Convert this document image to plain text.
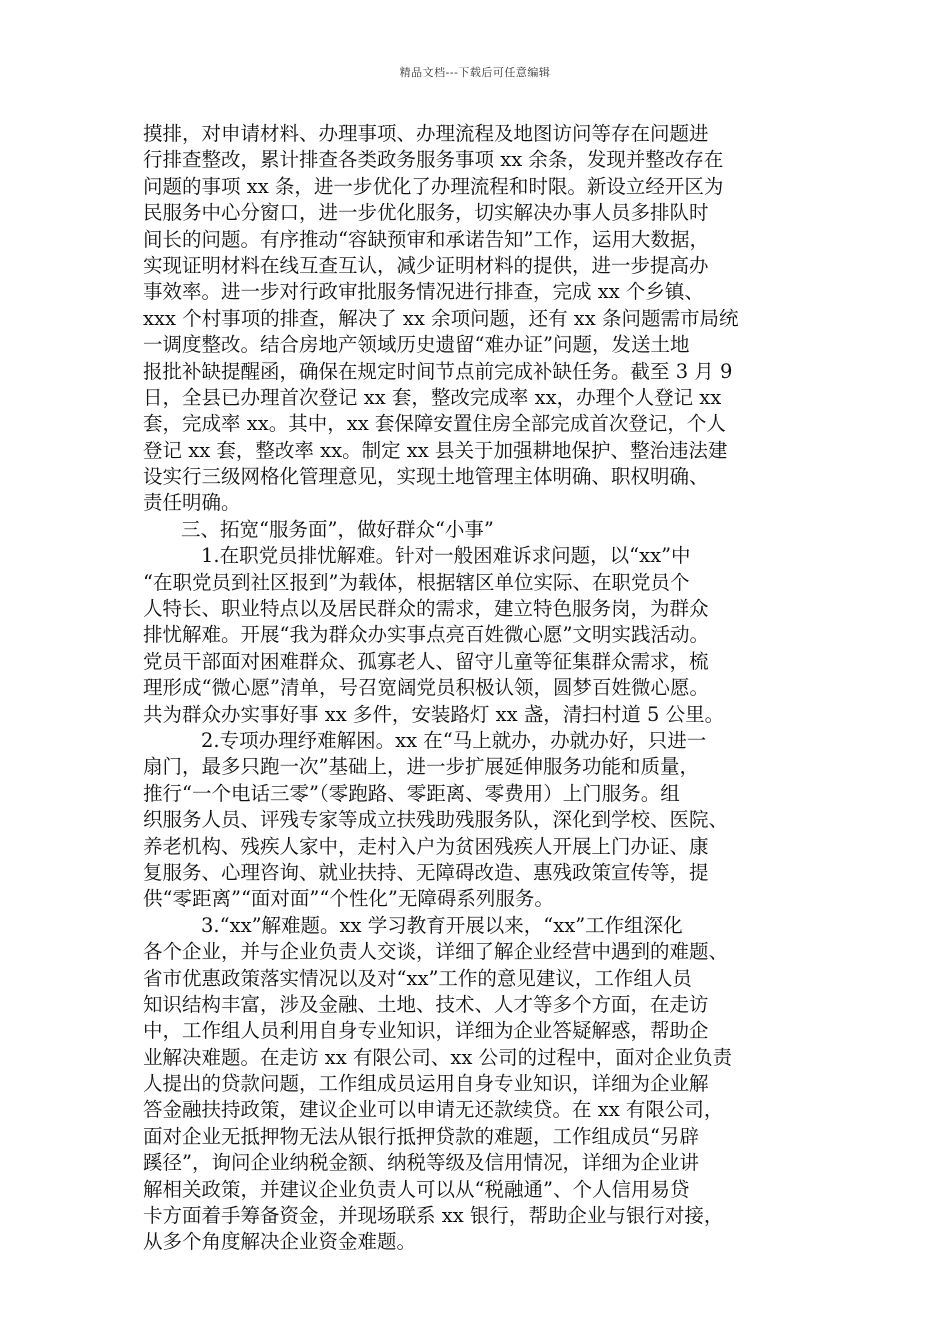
精品文档---下载后可任意编辑
摸排，对申请材料、办理事项、办理流程及地图访问等存在问题进
行排查整改，累计排查各类政务服务事项 xx 余条，发现并整改存在
问题的事项 xx 条，进一步优化了办理流程和时限。新设立经开区为
民服务中心分窗口，进一步优化服务，切实解决办事人员多排队时
间长的问题。有序推动“容缺预审和承诺告知”工作，运用大数据，
实现证明材料在线互查互认，减少证明材料的提供，进一步提高办
事效率。进一步对行政审批服务情况进行排查，完成 xx 个乡镇、
xxx 个村事项的排查，解决了 xx 余项问题，还有 xx 条问题需市局统
一调度整改。结合房地产领域历史遗留“难办证”问题，发送土地
报批补缺提醒函，确保在规定时间节点前完成补缺任务。截至 3 月 9
日，全县已办理首次登记 xx 套，整改完成率 xx，办理个人登记 xx
套，完成率 xx。其中，xx 套保障安置住房全部完成首次登记，个人
登记 xx 套，整改率 xx。制定 xx 县关于加强耕地保护、整治违法建
设实行三级网格化管理意见，实现土地管理主体明确、职权明确、
责任明确。
三、拓宽“服务面”，做好群众“小事”
1.在职党员排忧解难。针对一般困难诉求问题，以“xx”中
“在职党员到社区报到”为载体，根据辖区单位实际、在职党员个
人特长、职业特点以及居民群众的需求，建立特色服务岗，为群众
排忧解难。开展“我为群众办实事点亮百姓微心愿”文明实践活动。
党员干部面对困难群众、孤寡老人、留守儿童等征集群众需求，梳
理形成“微心愿”清单，号召宽阔党员积极认领，圆梦百姓微心愿。
共为群众办实事好事 xx 多件，安装路灯 xx 盏，清扫村道 5 公里。
2.专项办理纾难解困。xx 在“马上就办，办就办好，只进一
扇门，最多只跑一次”基础上，进一步扩展延伸服务功能和质量，
推行“一个电话三零”（零跑路、零距离、零费用）上门服务。组
织服务人员、评残专家等成立扶残助残服务队，深化到学校、医院、
养老机构、残疾人家中，走村入户为贫困残疾人开展上门办证、康
复服务、心理咨询、就业扶持、无障碍改造、惠残政策宣传等，提
供“零距离”“面对面”“个性化”无障碍系列服务。
3.“xx”解难题。xx 学习教育开展以来，“xx”工作组深化
各个企业，并与企业负责人交谈，详细了解企业经营中遇到的难题、
省市优惠政策落实情况以及对“xx”工作的意见建议，工作组人员
知识结构丰富，涉及金融、土地、技术、人才等多个方面，在走访
中，工作组人员利用自身专业知识，详细为企业答疑解惑，帮助企
业解决难题。在走访 xx 有限公司、xx 公司的过程中，面对企业负责
人提出的贷款问题，工作组成员运用自身专业知识，详细为企业解
答金融扶持政策，建议企业可以申请无还款续贷。在 xx 有限公司，
面对企业无抵押物无法从银行抵押贷款的难题，工作组成员“另辟
蹊径”，询问企业纳税金额、纳税等级及信用情况，详细为企业讲
解相关政策，并建议企业负责人可以从“税融通”、个人信用易贷
卡方面着手筹备资金，并现场联系 xx 银行，帮助企业与银行对接，
从多个角度解决企业资金难题。
